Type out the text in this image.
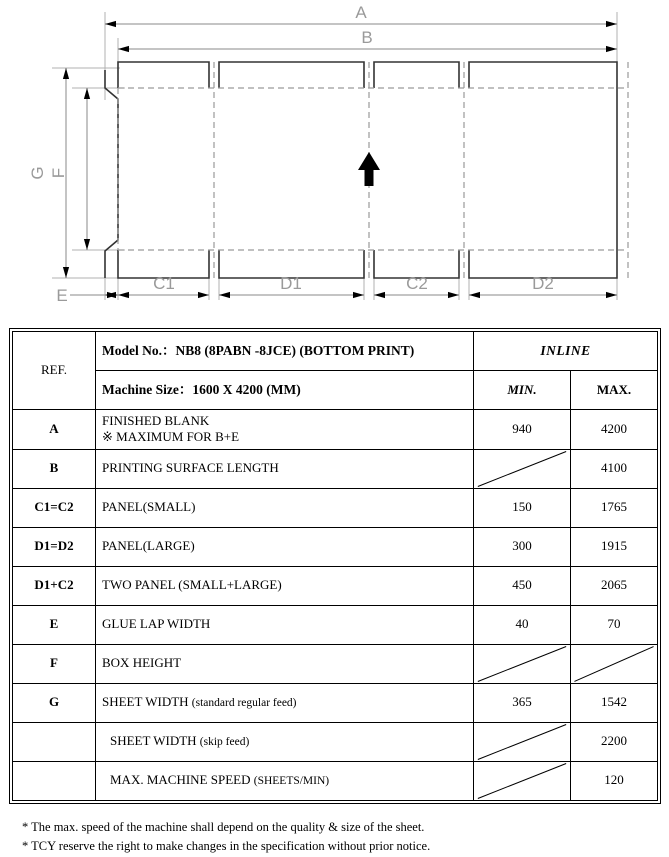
A
B
G F
E
C1	D1	C2	D2
REF.	Model No.：NB8 (8PABN -8JCE) (BOTTOM PRINT)	INLINE	

	Machine Size：1600 X 4200 (MM)	MIN.	MAX.

A	FINISHED BLANK
※ MAXIMUM FOR B+E	940	4200

B	PRINTING SURFACE LENGTH		4100

C1=C2	PANEL(SMALL)	150	1765

D1=D2	PANEL(LARGE)	300	1915

D1+C2	TWO PANEL (SMALL+LARGE)	450	2065

E	GLUE LAP WIDTH	40	70

F	BOX HEIGHT

G	SHEET WIDTH (standard regular feed)	365	1542

	SHEET WIDTH (skip feed)		2200

	MAX. MACHINE SPEED (SHEETS/MIN)		120
* The max. speed of the machine shall depend on the quality & size of the sheet.
* TCY reserve the right to make changes in the specification without prior notice.
